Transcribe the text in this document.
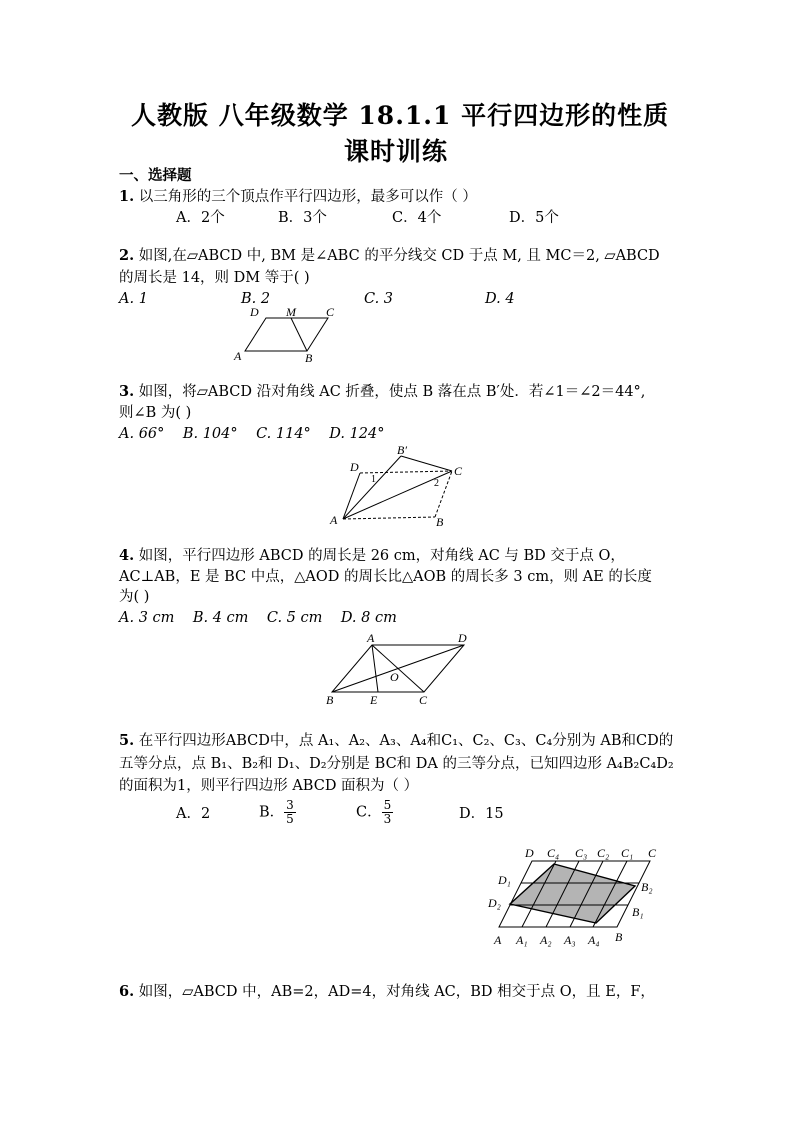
人教版 八年级数学 18.1.1 平行四边形的性质
课时训练
一、选择题
1. 以三角形的三个顶点作平行四边形，最多可以作（ ）
A．2个	B．3个	C．4个	D．5个
2. 如图,在▱ABCD 中, BM 是∠ABC 的平分线交 CD 于点 M, 且 MC＝2, ▱ABCD
的周长是 14，则 DM 等于( )
A. 1	B. 2	C. 3	D. 4
D M	C
A	B
3. 如图，将▱ABCD 沿对角线 AC 折叠，使点 B 落在点 B′处．若∠1＝∠2＝44°,
则∠B 为( )
A. 66° B. 104° C. 114° D. 124°
B′
D
1	2
C
A	B
4. 如图，平行四边形 ABCD 的周长是 26 cm，对角线 AC 与 BD 交于点 O，
AC⊥AB，E 是 BC 中点，△AOD 的周长比△AOB 的周长多 3 cm，则 AE 的长度
为( )
A. 3 cm B. 4 cm C. 5 cm D. 8 cm
A	D
O
B	E	C
5. 在平行四边形ABCD中，点 A₁、A₂、A₃、A₄和C₁、C₂、C₃、C₄分别为 AB和CD的
五等分点，点 B₁、B₂和 D₁、D₂分别是 BC和 DA 的三等分点，已知四边形 A₄B₂C₄D₂
的面积为1，则平行四边形 ABCD 面积为（ ）
A．2	B． $\frac{3}{5}$	C． $\frac{5}{3}$	D．15
D C₄ C₃ C₂ C₁ C
D₁
D₂
B₂
B₁
A A₁ A₂ A₃ A₄ B
6. 如图，▱ABCD 中，AB=2，AD=4，对角线 AC，BD 相交于点 O，且 E，F，
